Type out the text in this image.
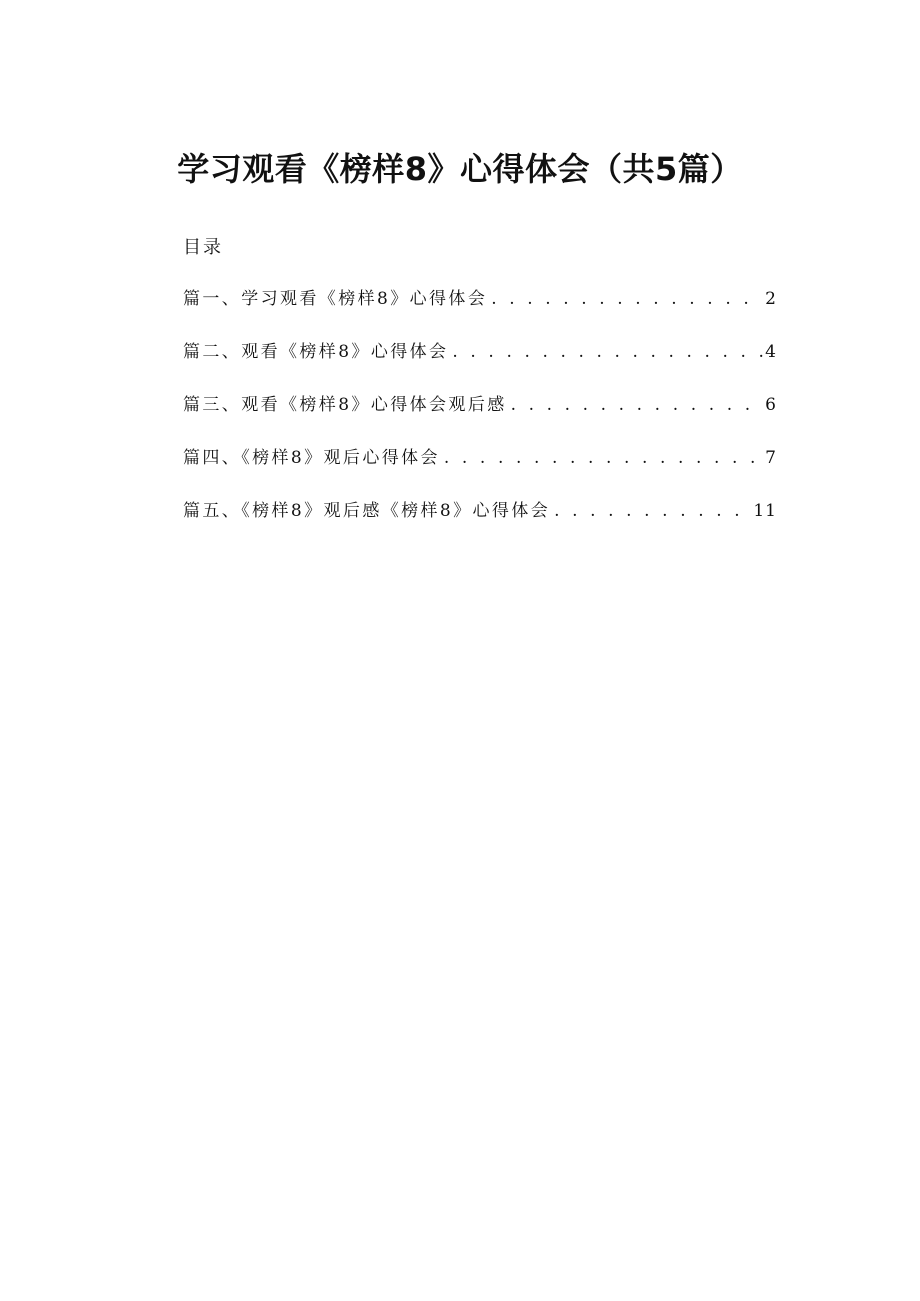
学习观看《榜样8》心得体会（共5篇）
目录
篇一、学习观看《榜样8》心得体会 . . .	2
篇二、观看《榜样8》心得体会 . . .	4
篇三、观看《榜样8》心得体会观后感 . . .	6
篇四、《榜样8》观后心得体会 . . .	7
篇五、《榜样8》观后感《榜样8》心得体会 . . .	11
